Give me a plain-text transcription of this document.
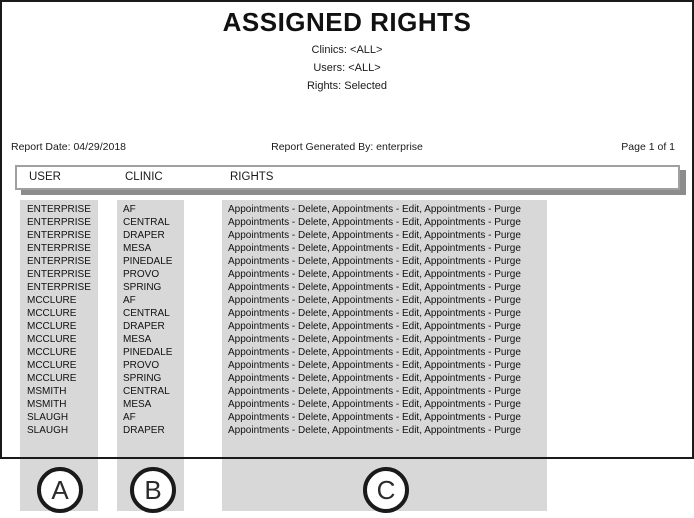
ASSIGNED RIGHTS
Clinics: <ALL>
Users: <ALL>
Rights: Selected
Report Date: 04/29/2018	Report Generated By: enterprise	Page 1 of 1
USER	CLINIC	RIGHTS
ENTERPRISE	AF	Appointments - Delete, Appointments - Edit, Appointments - Purge
ENTERPRISE	CENTRAL	Appointments - Delete, Appointments - Edit, Appointments - Purge
ENTERPRISE	DRAPER	Appointments - Delete, Appointments - Edit, Appointments - Purge
ENTERPRISE	MESA	Appointments - Delete, Appointments - Edit, Appointments - Purge
ENTERPRISE	PINEDALE	Appointments - Delete, Appointments - Edit, Appointments - Purge
ENTERPRISE	PROVO	Appointments - Delete, Appointments - Edit, Appointments - Purge
ENTERPRISE	SPRING	Appointments - Delete, Appointments - Edit, Appointments - Purge
MCCLURE	AF	Appointments - Delete, Appointments - Edit, Appointments - Purge
MCCLURE	CENTRAL	Appointments - Delete, Appointments - Edit, Appointments - Purge
MCCLURE	DRAPER	Appointments - Delete, Appointments - Edit, Appointments - Purge
MCCLURE	MESA	Appointments - Delete, Appointments - Edit, Appointments - Purge
MCCLURE	PINEDALE	Appointments - Delete, Appointments - Edit, Appointments - Purge
MCCLURE	PROVO	Appointments - Delete, Appointments - Edit, Appointments - Purge
MCCLURE	SPRING	Appointments - Delete, Appointments - Edit, Appointments - Purge
MSMITH	CENTRAL	Appointments - Delete, Appointments - Edit, Appointments - Purge
MSMITH	MESA	Appointments - Delete, Appointments - Edit, Appointments - Purge
SLAUGH	AF	Appointments - Delete, Appointments - Edit, Appointments - Purge
SLAUGH	DRAPER	Appointments - Delete, Appointments - Edit, Appointments - Purge
A	B	C
